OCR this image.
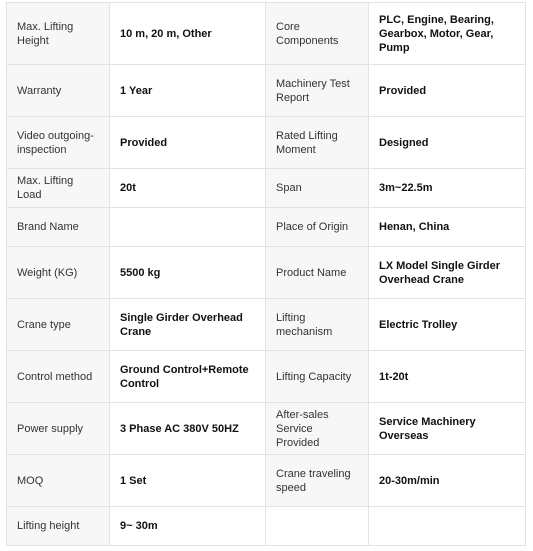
Max. Lifting Height	10 m, 20 m, Other	Core Components	PLC, Engine, Bearing, Gearbox, Motor, Gear, Pump
Warranty	1 Year	Machinery Test Report	Provided
Video outgoing-inspection	Provided	Rated Lifting Moment	Designed
Max. Lifting Load	20t	Span	3m~22.5m
Brand Name		Place of Origin	Henan, China
Weight (KG)	5500 kg	Product Name	LX Model Single Girder Overhead Crane
Crane type	Single Girder Overhead Crane	Lifting mechanism	Electric Trolley
Control method	Ground Control+Remote Control	Lifting Capacity	1t-20t
Power supply	3 Phase AC 380V 50HZ	After-sales Service Provided	Service Machinery Overseas
MOQ	1 Set	Crane traveling speed	20-30m/min
Lifting height	9~ 30m		
